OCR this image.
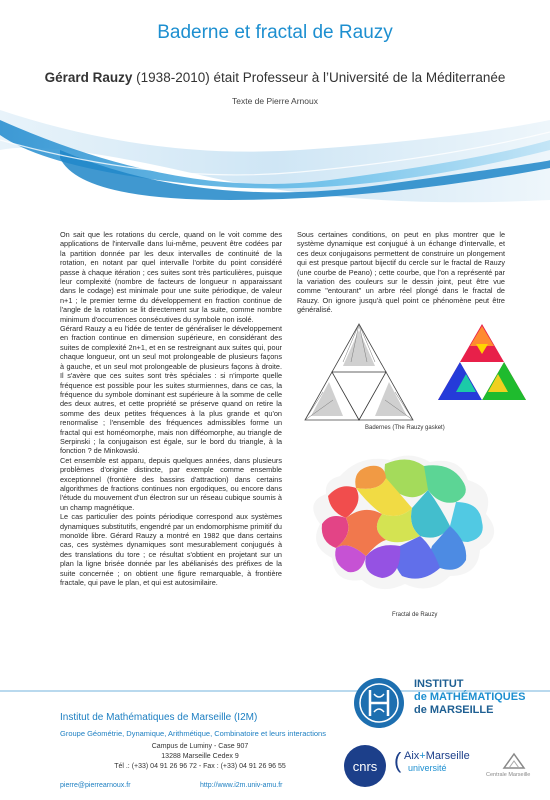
Baderne et fractal de Rauzy
Gérard Rauzy (1938-2010) était Professeur à l’Université de la Méditerranée
Texte de Pierre Arnoux

On sait que les rotations du cercle, quand on le voit comme des applications de l'intervalle dans lui-même, peuvent être codées par la partition donnée par les deux intervalles de continuité de la rotation, en notant par quel intervalle l'orbite du point considéré passe à chaque itération ; ces suites sont très particulières, puisque leur complexité (nombre de facteurs de longueur n apparaissant dans le codage) est minimale pour une suite périodique, de valeur n+1 ; le premier terme du développement en fraction continue de l'angle de la rotation se lit directement sur la suite, comme nombre minimum d'occurrences consécutives du symbole non isolé.

Gérard Rauzy a eu l'idée de tenter de généraliser le développement en fraction continue en dimension supérieure, en considérant des suites de complexité 2n+1, et en se restreignant aux suites qui, pour chaque longueur, ont un seul mot prolongeable de plusieurs façons à gauche, et un seul mot prolongeable de plusieurs façons à droite. Il s'avère que ces suites sont très spéciales : si n'importe quelle fréquence est possible pour les suites sturmiennes, dans ce cas, la fréquence du symbole dominant est supérieure à la somme de celle des deux autres, et cette propriété se préserve quand on retire la somme des deux petites fréquences à la plus grande et qu'on renormalise ; l'ensemble des fréquences admissibles forme un fractal qui est homéomorphe, mais non difféomorphe, au triangle de Serpinski ; la conjugaison est égale, sur le bord du triangle, à la fonction ? de Minkowski.

Cet ensemble est apparu, depuis quelques années, dans plusieurs problèmes d'origine distincte, par exemple comme ensemble exceptionnel (frontière des bassins d'attraction) dans certains algorithmes de fractions continues non ergodiques, ou encore dans l'étude du mouvement d'un électron sur un réseau cubique soumis à un champ magnétique.

Le cas particulier des points périodique correspond aux systèmes dynamiques substitutifs, engendré par un endomorphisme primitif du monoïde libre. Gérard Rauzy a montré en 1982 que dans certains cas, ces systèmes dynamiques sont mesurablement conjugués à des translations du tore ; ce résultat s'obtient en projetant sur un plan la ligne brisée donnée par les abélianisés des préfixes de la suite concernée ; on obtient une figure remarquable, à frontière fractale, qui pave le plan, et qui est autosimilaire.

Sous certaines conditions, on peut en plus montrer que le système dynamique est conjugué à un échange d'intervalle, et ces deux conjugaisons permettent de construire un plongement qui est presque partout bijectif du cercle sur le fractal de Rauzy (une courbe de Peano) ; cette courbe, que l'on a représenté par la variation des couleurs sur le dessin joint, peut être vue comme "entourant" un arbre réel plongé dans le fractal de Rauzy. On ignore jusqu'à quel point ce phénomène peut être généralisé.

Badernes (The Rauzy gasket)
Fractal de Rauzy
Institut de Mathématiques de Marseille (I2M)
Groupe Géométrie, Dynamique, Arithmétique, Combinatoire et leurs interactions
Campus de Luminy - Case 907
13288 Marseille Cedex 9
Tél .: (+33) 04 91 26 96 72 - Fax : (+33) 04 91 26 96 55
pierre@pierrearnoux.fr	http://www.i2m.univ-amu.fr
INSTITUT
de MATHÉMATIQUES
de MARSEILLE
cnrs ( Aix+Marseille
université
Centrale Marseille
